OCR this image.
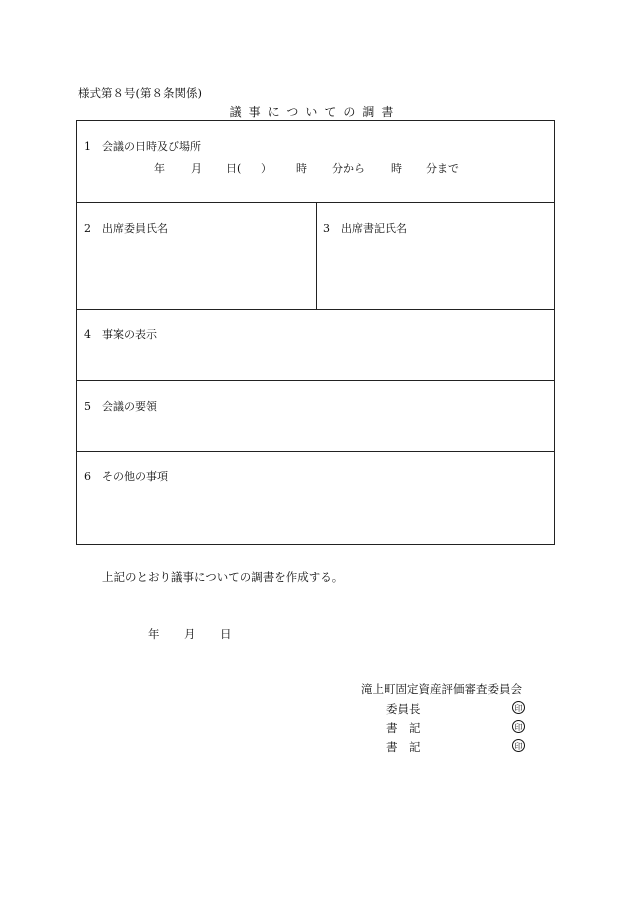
様式第８号(第８条関係)
議事についての調書
1 会議の日時及び場所
年 月 日( ） 時 分から 時 分まで
2 出席委員氏名	3 出席書記氏名
4 事案の表示
5 会議の要領
6 その他の事項
上記のとおり議事についての調書を作成する。
年 月 日
滝上町固定資産評価審査委員会
委員長	印
書　記	印
書　記	印
